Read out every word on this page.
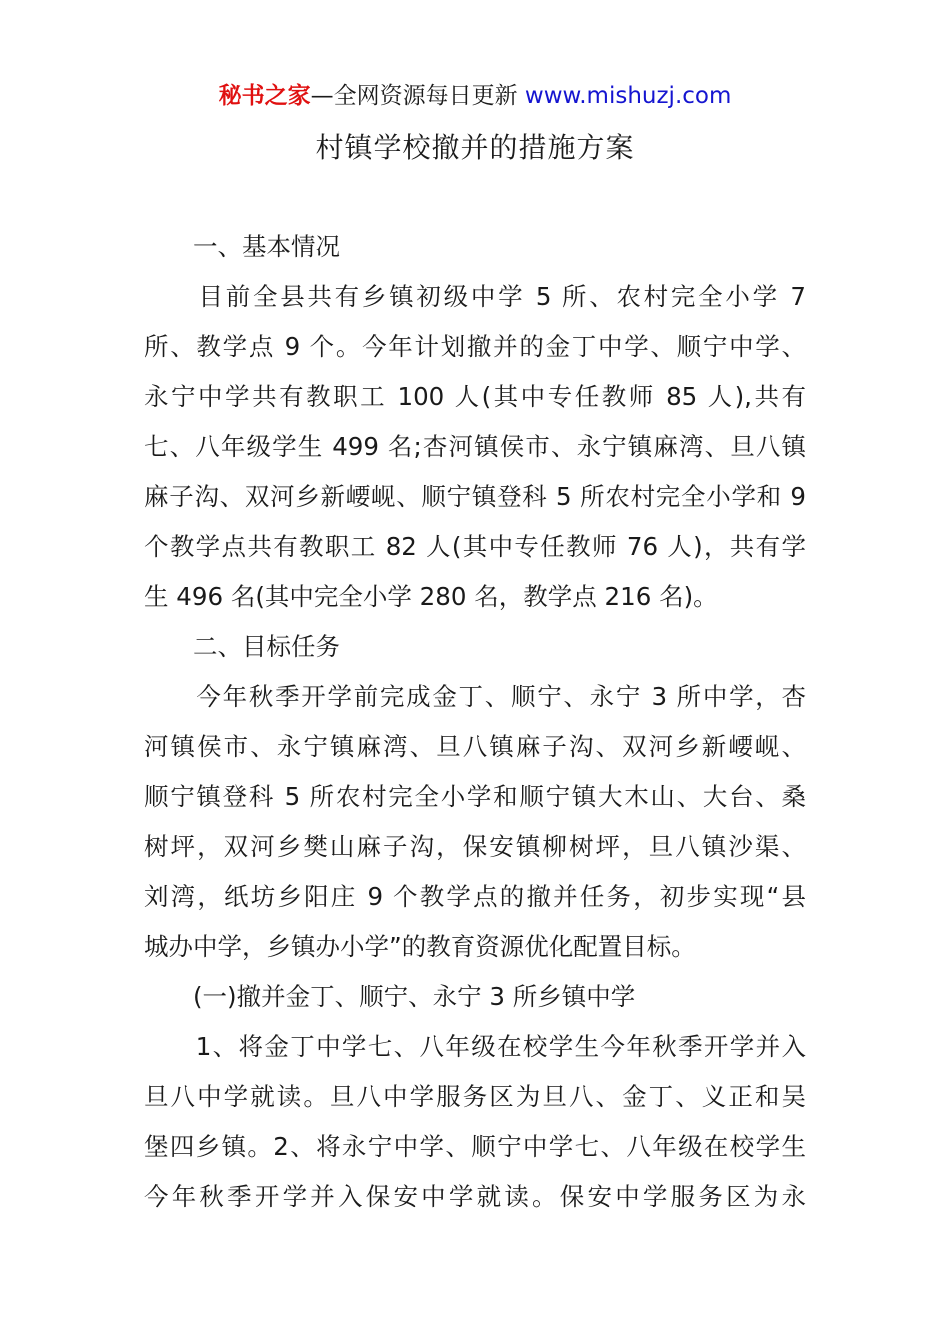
秘书之家—全网资源每日更新 www.mishuzj.com
村镇学校撤并的措施方案
　　一、基本情况
　　目前全县共有乡镇初级中学 5 所、农村完全小学 7
所、教学点 9 个。今年计划撤并的金丁中学、顺宁中学、
永宁中学共有教职工 100 人(其中专任教师 85 人),共有
七、八年级学生 499 名;杏河镇侯市、永宁镇麻湾、旦八镇
麻子沟、双河乡新崾岘、顺宁镇登科 5 所农村完全小学和 9
个教学点共有教职工 82 人(其中专任教师 76 人)，共有学
生 496 名(其中完全小学 280 名，教学点 216 名)。
　　二、目标任务
　　今年秋季开学前完成金丁、顺宁、永宁 3 所中学，杏
河镇侯市、永宁镇麻湾、旦八镇麻子沟、双河乡新崾岘、
顺宁镇登科 5 所农村完全小学和顺宁镇大木山、大台、桑
树坪，双河乡樊山麻子沟，保安镇柳树坪，旦八镇沙渠、
刘湾，纸坊乡阳庄 9 个教学点的撤并任务，初步实现“县
城办中学，乡镇办小学”的教育资源优化配置目标。
　　(一)撤并金丁、顺宁、永宁 3 所乡镇中学
　　1、将金丁中学七、八年级在校学生今年秋季开学并入
旦八中学就读。旦八中学服务区为旦八、金丁、义正和吴
堡四乡镇。2、将永宁中学、顺宁中学七、八年级在校学生
今年秋季开学并入保安中学就读。保安中学服务区为永
